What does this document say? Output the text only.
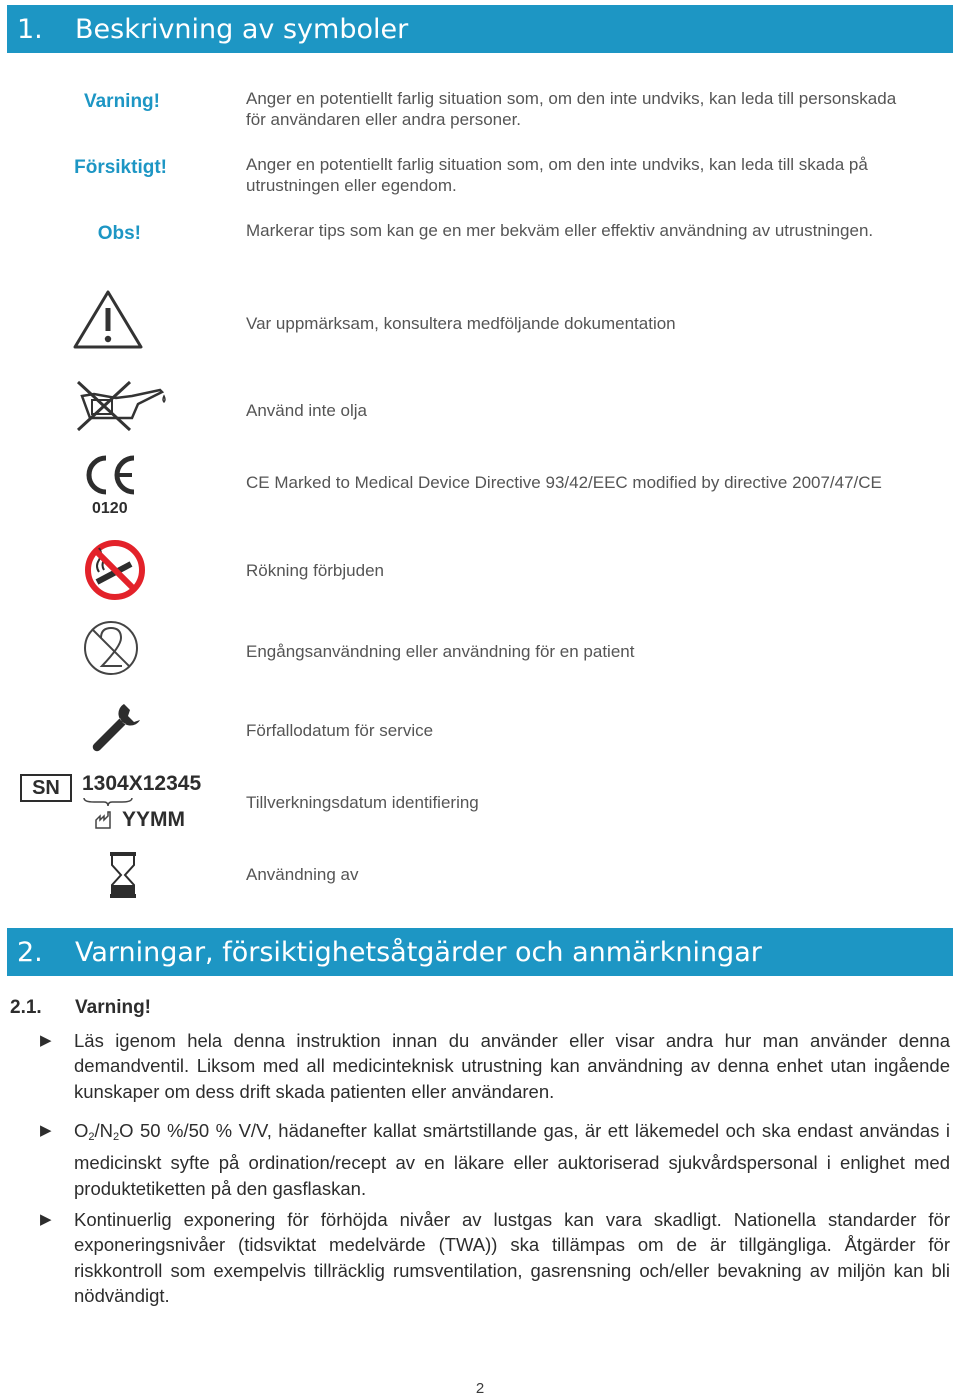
1. Beskrivning av symboler
Varning!	Anger en potentiellt farlig situation som, om den inte undviks, kan leda till personskada för användaren eller andra personer.
Försiktigt!	Anger en potentiellt farlig situation som, om den inte undviks, kan leda till skada på utrustningen eller egendom.
Obs!	Markerar tips som kan ge en mer bekväm eller effektiv användning av utrustningen.
Var uppmärksam, konsultera medföljande dokumentation
Använd inte olja
0120
CE Marked to Medical Device Directive 93/42/EEC modified by directive 2007/47/CE
Rökning förbjuden
Engångsanvändning eller användning för en patient
Förfallodatum för service
SN	1304X12345
YYMM
Tillverkningsdatum identifiering
Användning av
2. Varningar, försiktighetsåtgärder och anmärkningar
2.1. Varning!
▶ Läs igenom hela denna instruktion innan du använder eller visar andra hur man använder denna demandventil. Liksom med all medicinteknisk utrustning kan användning av denna enhet utan ingående kunskaper om dess drift skada patienten eller användaren.
▶ $O_2/N_2O$ 50 %/50 % V/V, hädanefter kallat smärtstillande gas, är ett läkemedel och ska endast användas i medicinskt syfte på ordination/recept av en läkare eller auktoriserad sjukvårdspersonal i enlighet med produktetiketten på den gasflaskan.
▶ Kontinuerlig exponering för förhöjda nivåer av lustgas kan vara skadligt. Nationella standarder för exponeringsnivåer (tidsviktat medelvärde (TWA)) ska tillämpas om de är tillgängliga. Åtgärder för riskkontroll som exempelvis tillräcklig rumsventilation, gasrensning och/eller bevakning av miljön kan bli nödvändigt.
2
